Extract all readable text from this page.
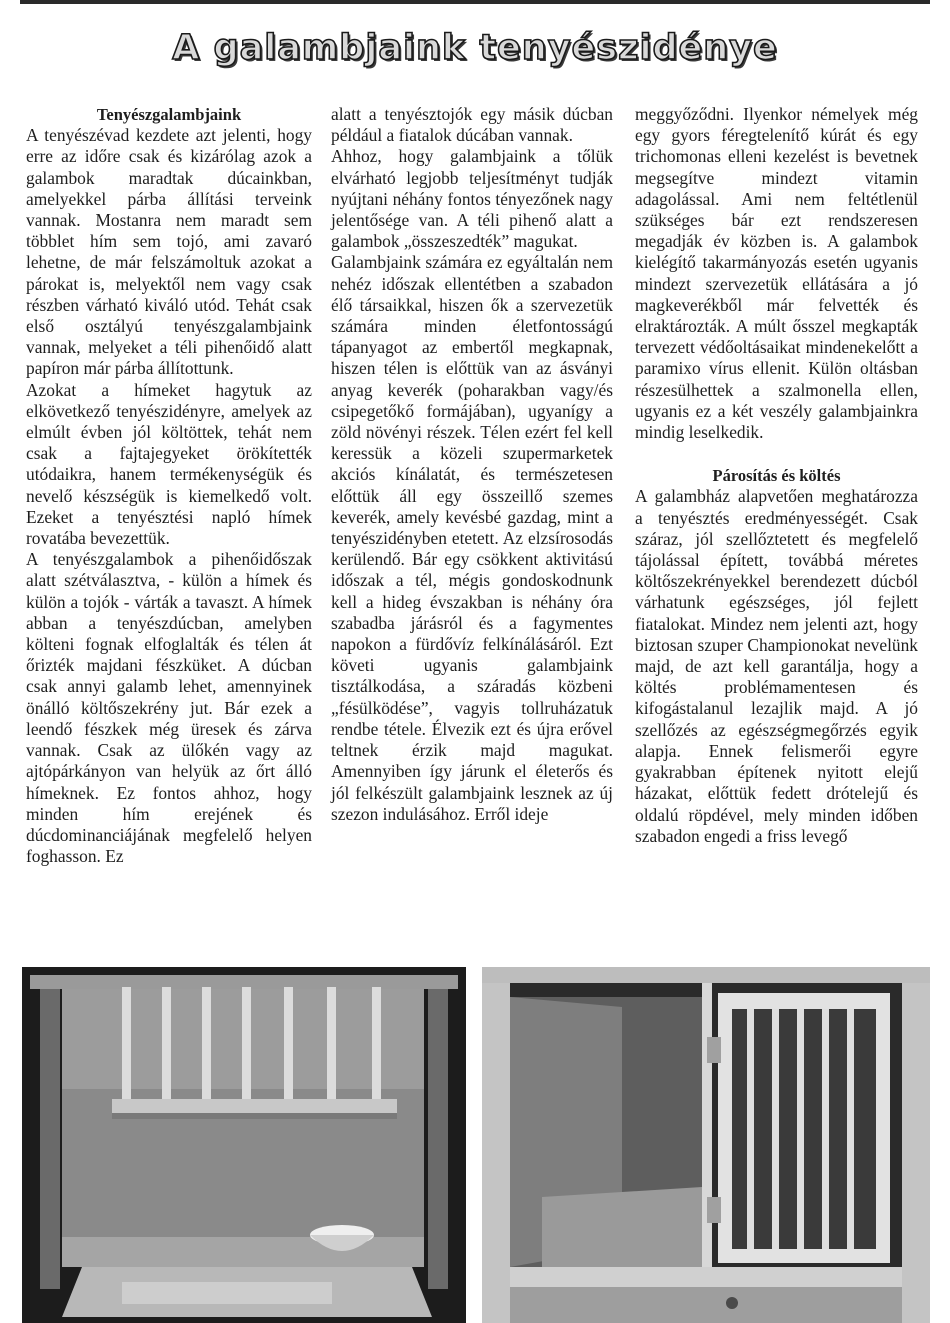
A galambjaink tenyészidénye
Tenyészgalambjaink

A tenyészévad kezdete azt jelenti, hogy erre az időre csak és kizárólag azok a galambok maradtak dúcainkban, amelyekkel párba állítási terveink vannak. Mostanra nem maradt sem többlet hím sem tojó, ami zavaró lehetne, de már felszámoltuk azokat a párokat is, melyektől nem vagy csak részben várható kiváló utód. Tehát csak első osztályú tenyészgalambjaink vannak, melyeket a téli pihenőidő alatt papíron már párba állítottunk.

Azokat a hímeket hagytuk az elkövetkező tenyészidényre, amelyek az elmúlt évben jól költöttek, tehát nem csak a fajtajegyeket örökítették utódaikra, hanem termékenységük és nevelő készségük is kiemelkedő volt. Ezeket a tenyésztési napló hímek rovatába bevezettük.

A tenyészgalambok a pihenőidőszak alatt szétválasztva, - külön a hímek és külön a tojók - várták a tavaszt. A hímek abban a tenyészdúcban, amelyben költeni fognak elfoglalták és télen át őrizték majdani fészküket. A dúcban csak annyi galamb lehet, amennyinek önálló költőszekrény jut. Bár ezek a leendő fészkek még üresek és zárva vannak. Csak az ülőkén vagy az ajtópárkányon van helyük az őrt álló hímeknek. Ez fontos ahhoz, hogy minden hím erejének és dúcdominanciájának megfelelő helyen foghasson. Ez

alatt a tenyésztojók egy másik dúcban például a fiatalok dúcában vannak.

Ahhoz, hogy galambjaink a tőlük elvárható legjobb teljesítményt tudják nyújtani néhány fontos tényezőnek nagy jelentősége van. A téli pihenő alatt a galambok „összeszedték” magukat.

Galambjaink számára ez egyáltalán nem nehéz időszak ellentétben a szabadon élő társaikkal, hiszen ők a szervezetük számára minden életfontosságú tápanyagot az embertől megkapnak, hiszen télen is előttük van az ásványi anyag keverék (poharakban vagy/és csipegetőkő formájában), ugyanígy a zöld növényi részek. Télen ezért fel kell keressük a közeli szupermarketek akciós kínálatát, és természetesen előttük áll egy összeillő szemes keverék, amely kevésbé gazdag, mint a tenyészidényben etetett. Az elzsírosodás kerülendő. Bár egy csökkent aktivitású időszak a tél, mégis gondoskodnunk kell a hideg évszakban is néhány óra szabadba járásról és a fagymentes napokon a fürdővíz felkínálásáról. Ezt követi ugyanis galambjaink tisztálkodása, a száradás közbeni „fésülködése”, vagyis tollruházatuk rendbe tétele. Élvezik ezt és újra erővel teltnek érzik majd magukat. Amennyiben így járunk el életerős és jól felkészült galambjaink lesznek az új szezon indulásához. Erről ideje

meggyőződni. Ilyenkor némelyek még egy gyors féregtelenítő kúrát és egy trichomonas elleni kezelést is bevetnek megsegítve mindezt vitamin adagolással. Ami nem feltétlenül szükséges bár ezt rendszeresen megadják év közben is. A galambok kielégítő takarmányozás esetén ugyanis mindezt szervezetük ellátására a jó magkeverékből már felvették és elraktározták. A múlt ősszel megkapták tervezett védőoltásaikat mindenekelőtt a paramixo vírus ellenit. Külön oltásban részesülhettek a szalmonella ellen, ugyanis ez a két veszély galambjainkra mindig leselkedik.

Párosítás és költés

A galambház alapvetően meghatározza a tenyésztés eredményességét. Csak száraz, jól szellőztetett és megfelelő tájolással épített, továbbá méretes költőszekrényekkel berendezett dúcból várhatunk egészséges, jól fejlett fiatalokat. Mindez nem jelenti azt, hogy biztosan szuper Championokat nevelünk majd, de azt kell garantálja, hogy a költés problémamentesen és kifogástalanul lezajlik majd. A jó szellőzés az egészségmegőrzés egyik alapja. Ennek felismerői egyre gyakrabban építenek nyitott elejű házakat, előttük fedett drótelejű és oldalú röpdével, mely minden időben szabadon engedi a friss levegő
